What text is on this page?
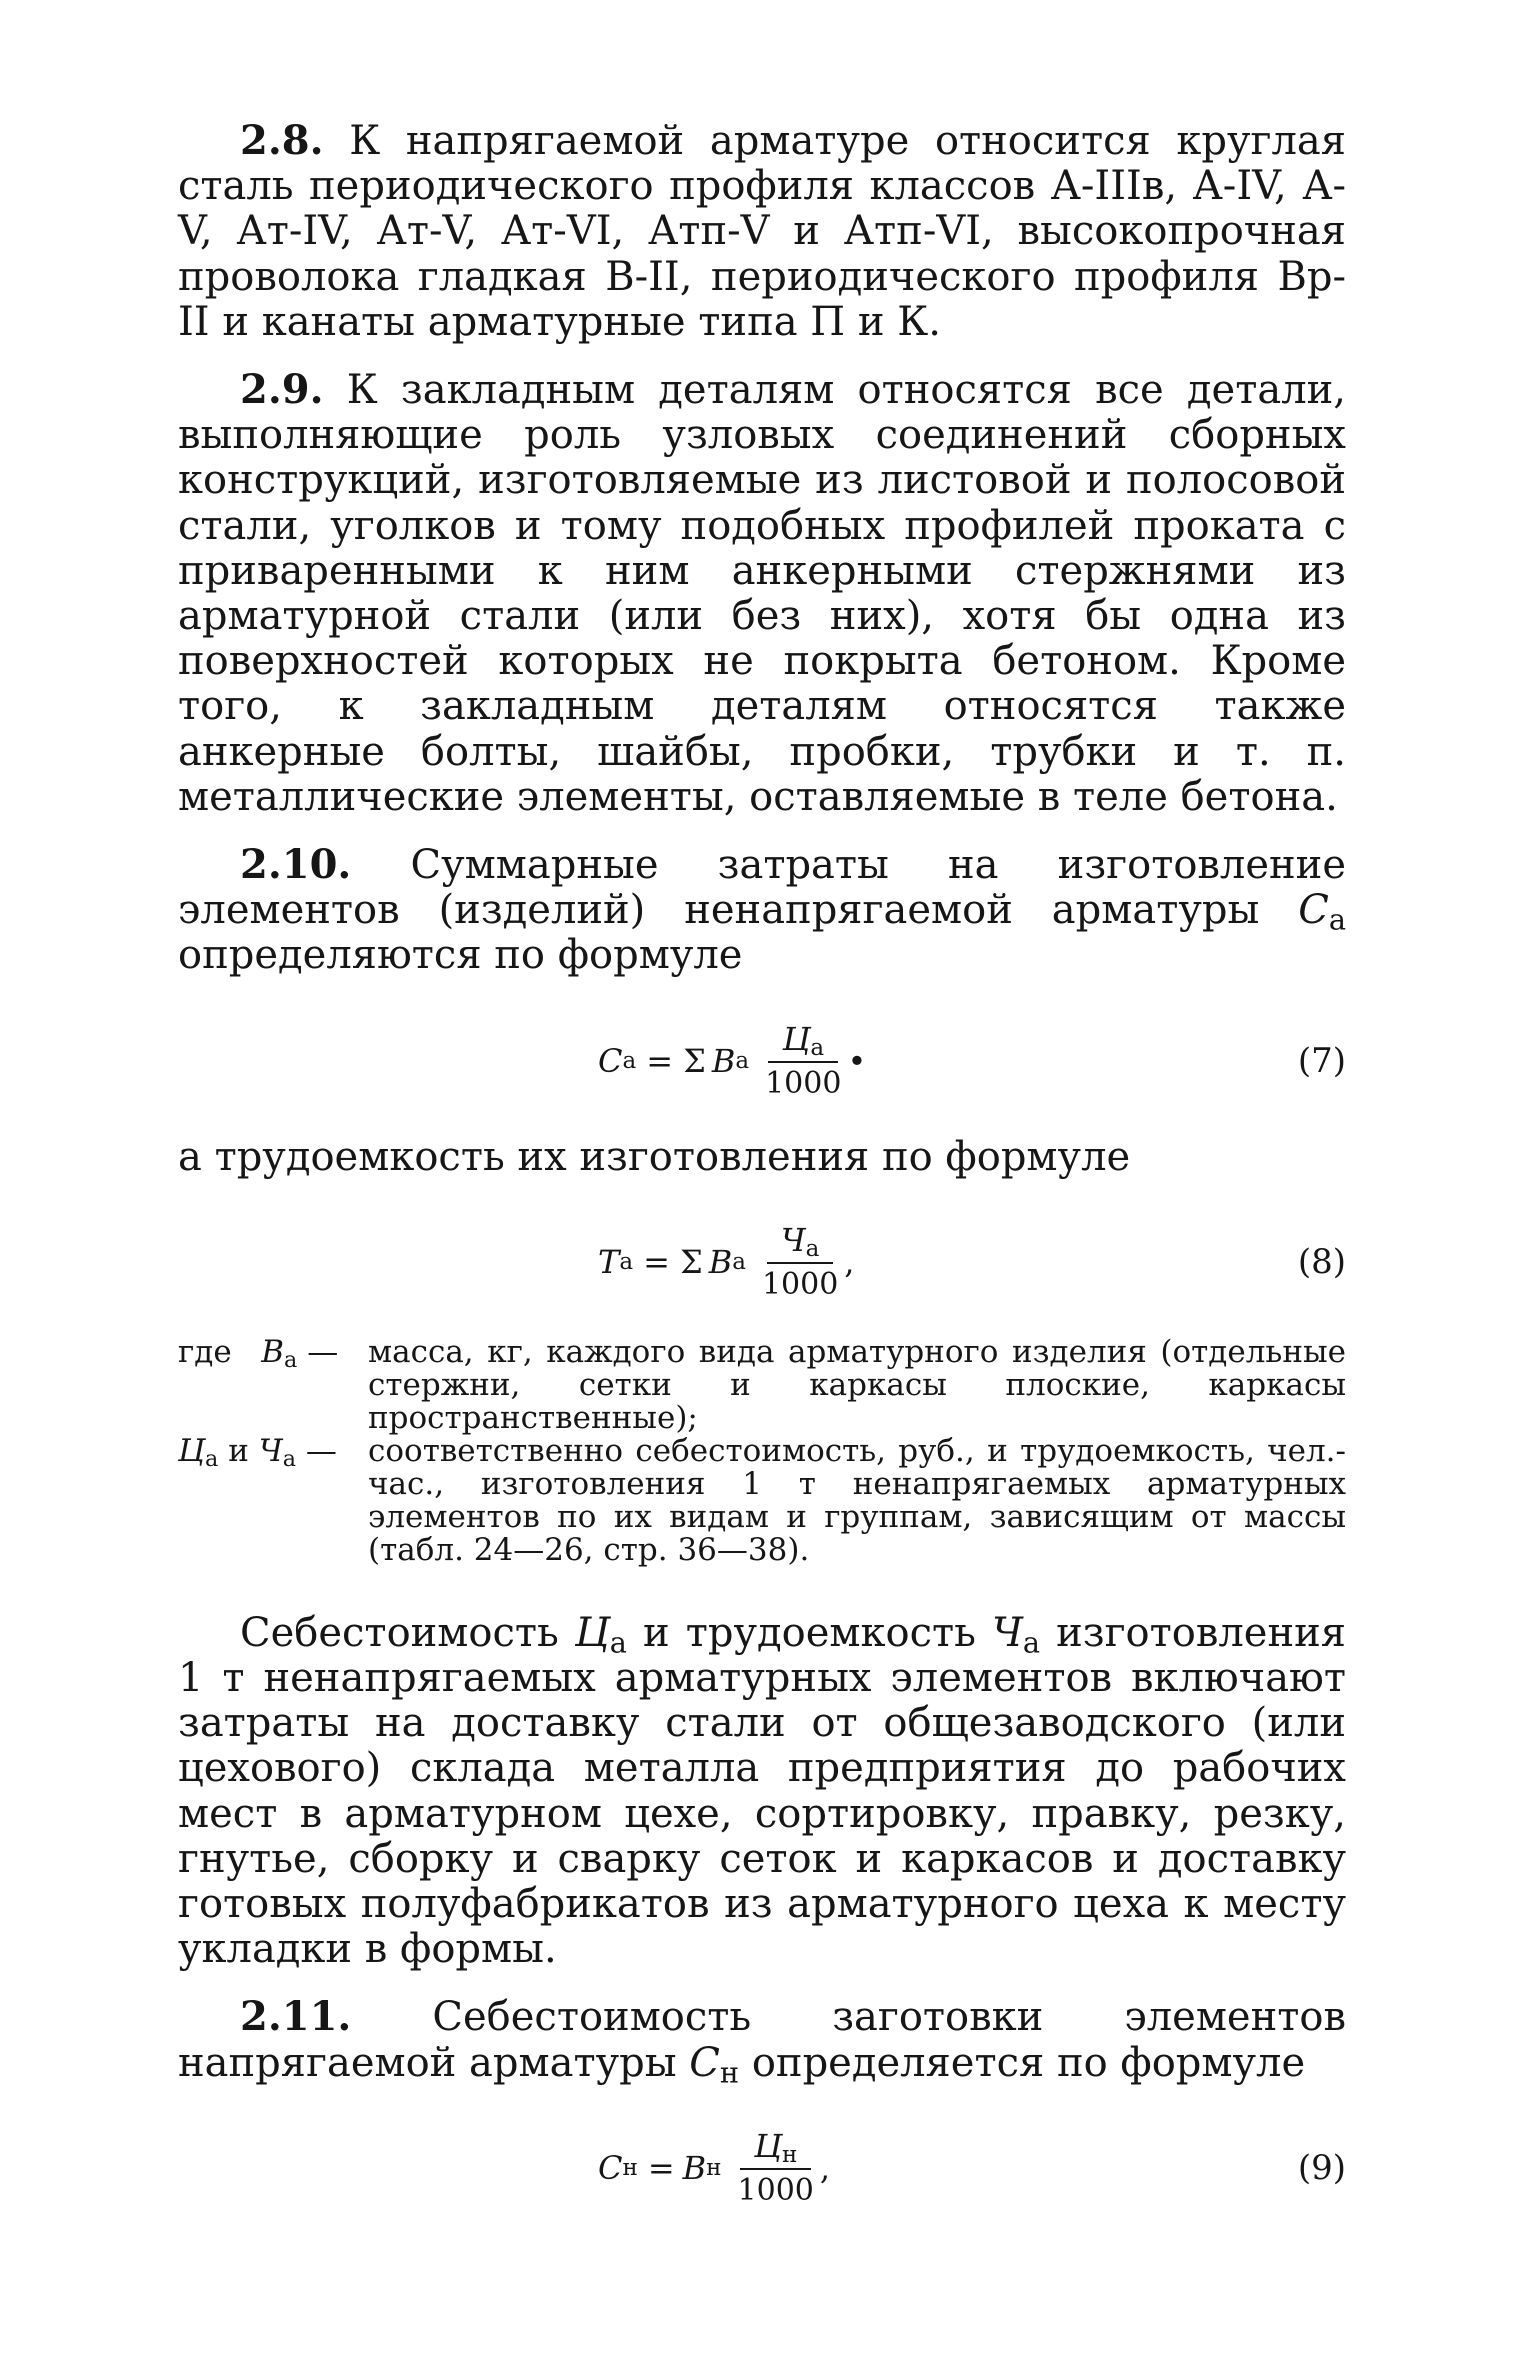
2.8. К напрягаемой арматуре относится круглая сталь периодического профиля классов А-IIIв, А-IV, А-V, Ат-IV, Ат-V, Ат-VI, Атп-V и Атп-VI, высокопрочная проволока гладкая В-II, периодического профиля Вр-II и канаты арматурные типа П и К.

2.9. К закладным деталям относятся все детали, выполняющие роль узловых соединений сборных конструкций, изготовляемые из листовой и полосовой стали, уголков и тому подобных профилей проката с приваренными к ним анкерными стержнями из арматурной стали (или без них), хотя бы одна из поверхностей которых не покрыта бетоном. Кроме того, к закладным деталям относятся также анкерные болты, шайбы, пробки, трубки и т. п. металлические элементы, оставляемые в теле бетона.

2.10. Суммарные затраты на изготовление элементов (изделий) ненапрягаемой арматуры $C_а$ определяются по формуле

C а = Σ B а $\frac{Ц_а}{1000}$ •	(7)

а трудоемкость их изготовления по формуле

T а = Σ B а $\frac{Ч_а}{1000}$ ,	(8)
где $B_а$ — масса, кг, каждого вида арматурного изделия (отдельные стержни, сетки и каркасы плоские, каркасы пространственные);
$Ц_а$ и $Ч_а$ —	соответственно себестоимость, руб., и трудоемкость, чел.-час., изготовления 1 т ненапрягаемых арматурных элементов по их видам и группам, зависящим от массы (табл. 24—26, стр. 36—38).

Себестоимость $Ц_а$ и трудоемкость $Ч_а$ изготовления 1 т ненапрягаемых арматурных элементов включают затраты на доставку стали от общезаводского (или цехового) склада металла предприятия до рабочих мест в арматурном цехе, сортировку, правку, резку, гнутье, сборку и сварку сеток и каркасов и доставку готовых полуфабрикатов из арматурного цеха к месту укладки в формы.

2.11. Себестоимость заготовки элементов напрягаемой арматуры $C_н$ определяется по формуле

C н = B н $\frac{Ц_н}{1000}$ ,	(9)
